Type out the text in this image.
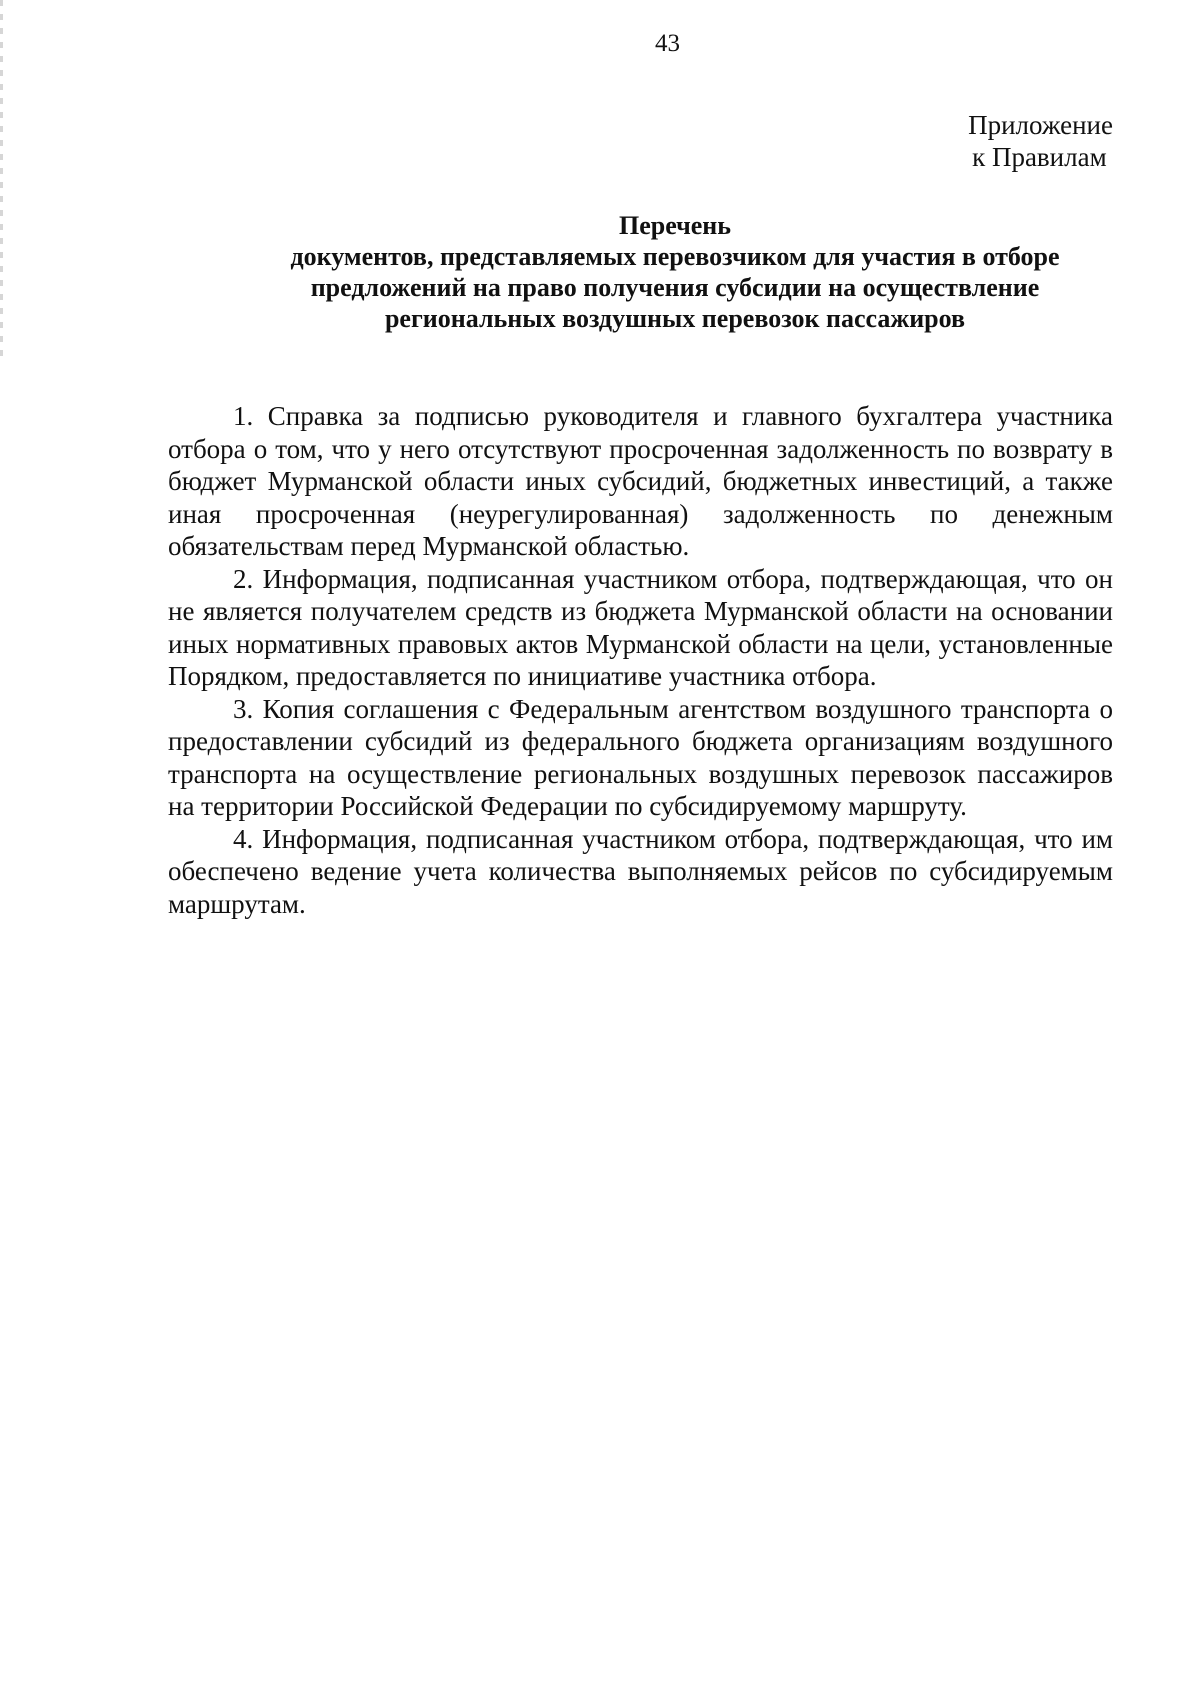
43
Приложение
к Правилам
Перечень
документов, представляемых перевозчиком для участия в отборе
предложений на право получения субсидии на осуществление
региональных воздушных перевозок пассажиров

1. Справка за подписью руководителя и главного бухгалтера участника отбора о том, что у него отсутствуют просроченная задолженность по возврату в бюджет Мурманской области иных субсидий, бюджетных инвестиций, а также иная просроченная (неурегулированная) задолженность по денежным обязательствам перед Мурманской областью.

2. Информация, подписанная участником отбора, подтверждающая, что он не является получателем средств из бюджета Мурманской области на основании иных нормативных правовых актов Мурманской области на цели, установленные Порядком, предоставляется по инициативе участника отбора.

3. Копия соглашения с Федеральным агентством воздушного транспорта о предоставлении субсидий из федерального бюджета организациям воздушного транспорта на осуществление региональных воздушных перевозок пассажиров на территории Российской Федерации по субсидируемому маршруту.

4. Информация, подписанная участником отбора, подтверждающая, что им обеспечено ведение учета количества выполняемых рейсов по субсидируемым маршрутам.
